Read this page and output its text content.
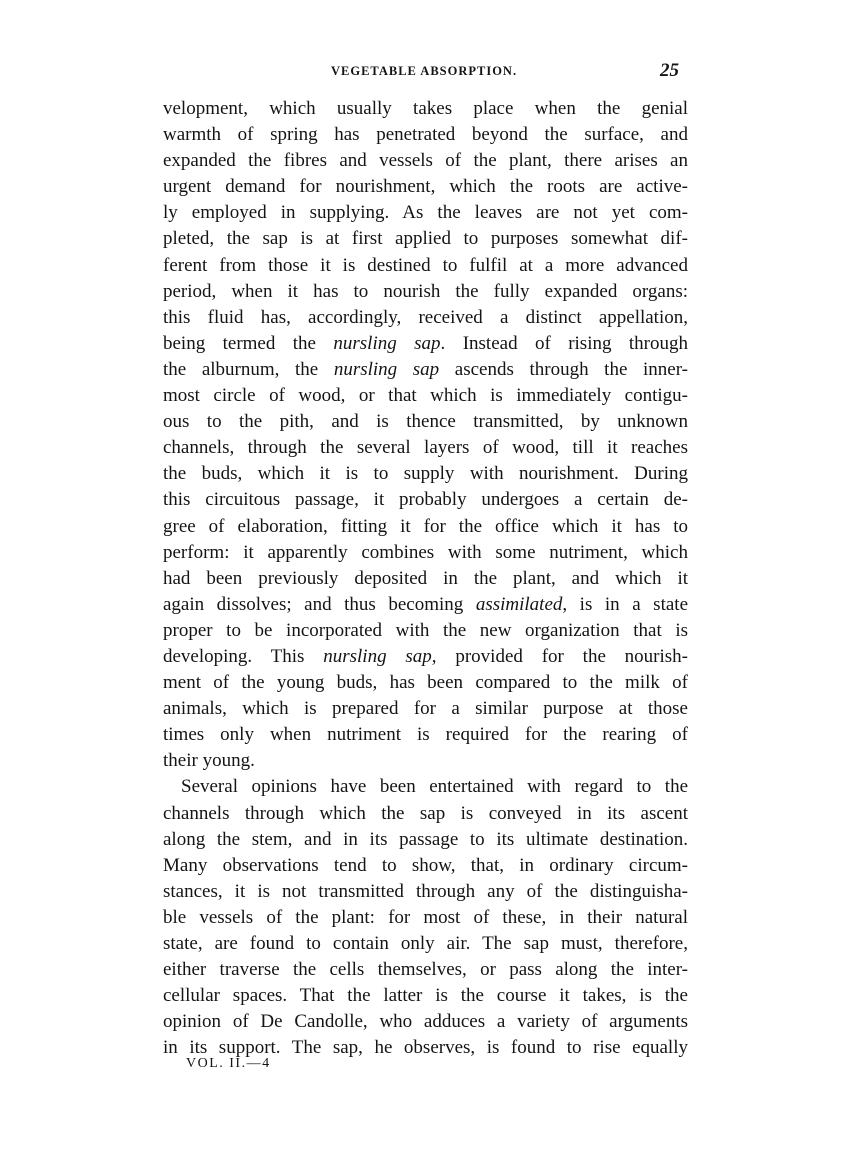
VEGETABLE ABSORPTION.	25
velopment, which usually takes place when the genial
warmth of spring has penetrated beyond the surface, and
expanded the fibres and vessels of the plant, there arises an
urgent demand for nourishment, which the roots are active-
ly employed in supplying. As the leaves are not yet com-
pleted, the sap is at first applied to purposes somewhat dif-
ferent from those it is destined to fulfil at a more advanced
period, when it has to nourish the fully expanded organs:
this fluid has, accordingly, received a distinct appellation,
being termed the nursling sap. Instead of rising through
the alburnum, the nursling sap ascends through the inner-
most circle of wood, or that which is immediately contigu-
ous to the pith, and is thence transmitted, by unknown
channels, through the several layers of wood, till it reaches
the buds, which it is to supply with nourishment. During
this circuitous passage, it probably undergoes a certain de-
gree of elaboration, fitting it for the office which it has to
perform: it apparently combines with some nutriment, which
had been previously deposited in the plant, and which it
again dissolves; and thus becoming assimilated, is in a state
proper to be incorporated with the new organization that is
developing. This nursling sap, provided for the nourish-
ment of the young buds, has been compared to the milk of
animals, which is prepared for a similar purpose at those
times only when nutriment is required for the rearing of
their young.
Several opinions have been entertained with regard to the
channels through which the sap is conveyed in its ascent
along the stem, and in its passage to its ultimate destination.
Many observations tend to show, that, in ordinary circum-
stances, it is not transmitted through any of the distinguisha-
ble vessels of the plant: for most of these, in their natural
state, are found to contain only air. The sap must, therefore,
either traverse the cells themselves, or pass along the inter-
cellular spaces. That the latter is the course it takes, is the
opinion of De Candolle, who adduces a variety of arguments
in its support. The sap, he observes, is found to rise equally
VOL. II.—4
